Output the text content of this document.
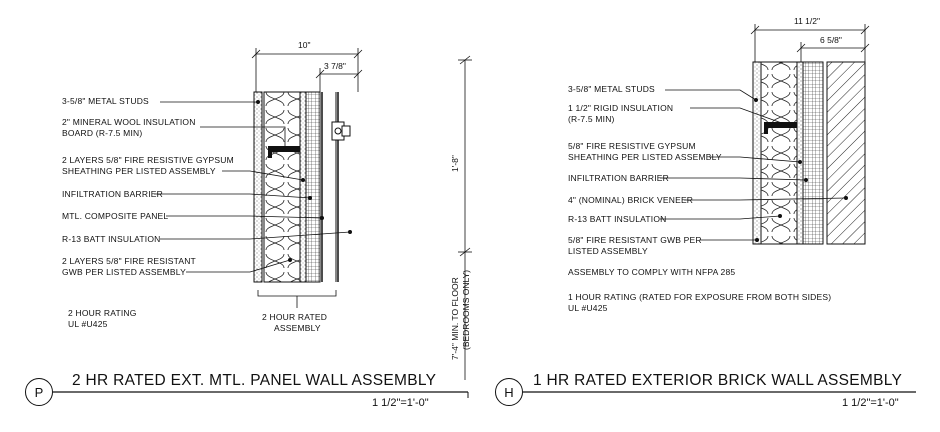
10"
3 7/8"
3-5/8" METAL STUDS
2" MINERAL WOOL INSULATION
BOARD (R-7.5 MIN)
2 LAYERS 5/8" FIRE RESISTIVE GYPSUM
SHEATHING PER LISTED ASSEMBLY
INFILTRATION BARRIER
MTL. COMPOSITE PANEL
R-13 BATT INSULATION
2 LAYERS 5/8" FIRE RESISTANT
GWB PER LISTED ASSEMBLY
2 HOUR RATING
UL #U425
2 HOUR RATED
ASSEMBLY
P
2 HR RATED EXT. MTL. PANEL WALL ASSEMBLY
1 1/2"=1'-0"
1'-8"
7'-4" MIN. TO FLOOR (BEDROOMS ONLY)
11 1/2"
6 5/8"
3-5/8" METAL STUDS
1 1/2" RIGID INSULATION
(R-7.5 MIN)
5/8" FIRE RESISTIVE GYPSUM
SHEATHING PER LISTED ASSEMBLY
INFILTRATION BARRIER
4" (NOMINAL) BRICK VENEER
R-13 BATT INSULATION
5/8" FIRE RESISTANT GWB PER
LISTED ASSEMBLY
ASSEMBLY TO COMPLY WITH NFPA 285
1 HOUR RATING (RATED FOR EXPOSURE FROM BOTH SIDES)
UL #U425
H
1 HR RATED EXTERIOR BRICK WALL ASSEMBLY
1 1/2"=1'-0"
